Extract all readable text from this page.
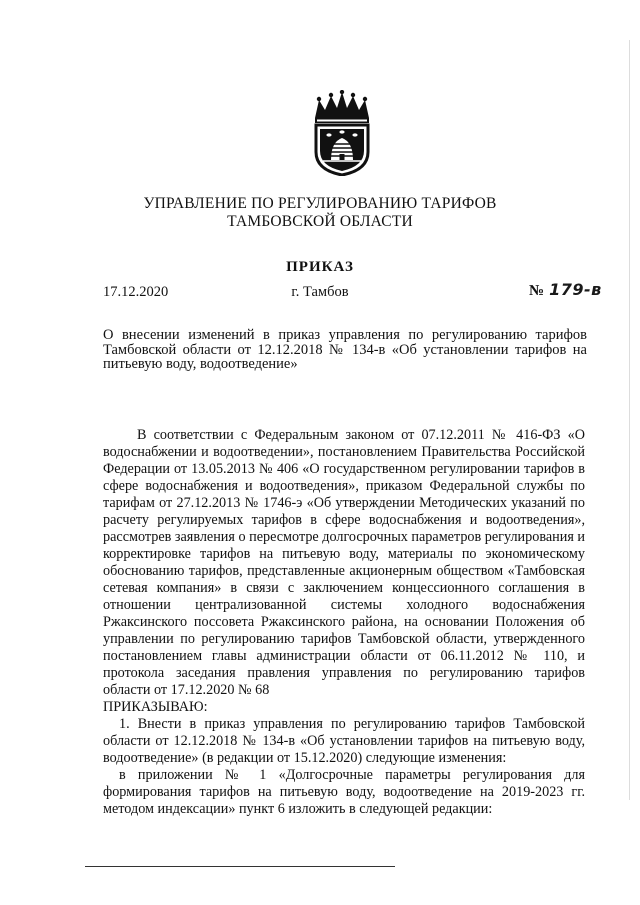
УПРАВЛЕНИЕ ПО РЕГУЛИРОВАНИЮ ТАРИФОВ
ТАМБОВСКОЙ ОБЛАСТИ
ПРИКАЗ
17.12.2020	г. Тамбов	№ 179-в
О внесении изменений в приказ управления по регулированию тарифов Тамбовской области от 12.12.2018 № 134-в «Об установлении тарифов на питьевую воду, водоотведение»

В соответствии с Федеральным законом от 07.12.2011 № 416-ФЗ «О водоснабжении и водоотведении», постановлением Правительства Российской Федерации от 13.05.2013 № 406 «О государственном регулировании тарифов в сфере водоснабжения и водоотведения», приказом Федеральной службы по тарифам от 27.12.2013 № 1746-э «Об утверждении Методических указаний по расчету регулируемых тарифов в сфере водоснабжения и водоотведения», рассмотрев заявления о пересмотре долгосрочных параметров регулирования и корректировке тарифов на питьевую воду, материалы по экономическому обоснованию тарифов, представленные акционерным обществом «Тамбовская сетевая компания» в связи с заключением концессионного соглашения в отношении централизованной системы холодного водоснабжения Ржаксинского поссовета Ржаксинского района, на основании Положения об управлении по регулированию тарифов Тамбовской области, утвержденного постановлением главы администрации области от 06.11.2012 № 110, и протокола заседания правления управления по регулированию тарифов области от 17.12.2020 № 68

ПРИКАЗЫВАЮ:

1. Внести в приказ управления по регулированию тарифов Тамбовской области от 12.12.2018 № 134-в «Об установлении тарифов на питьевую воду, водоотведение» (в редакции от 15.12.2020) следующие изменения:

в приложении № 1 «Долгосрочные параметры регулирования для формирования тарифов на питьевую воду, водоотведение на 2019-2023 гг. методом индексации» пункт 6 изложить в следующей редакции:
